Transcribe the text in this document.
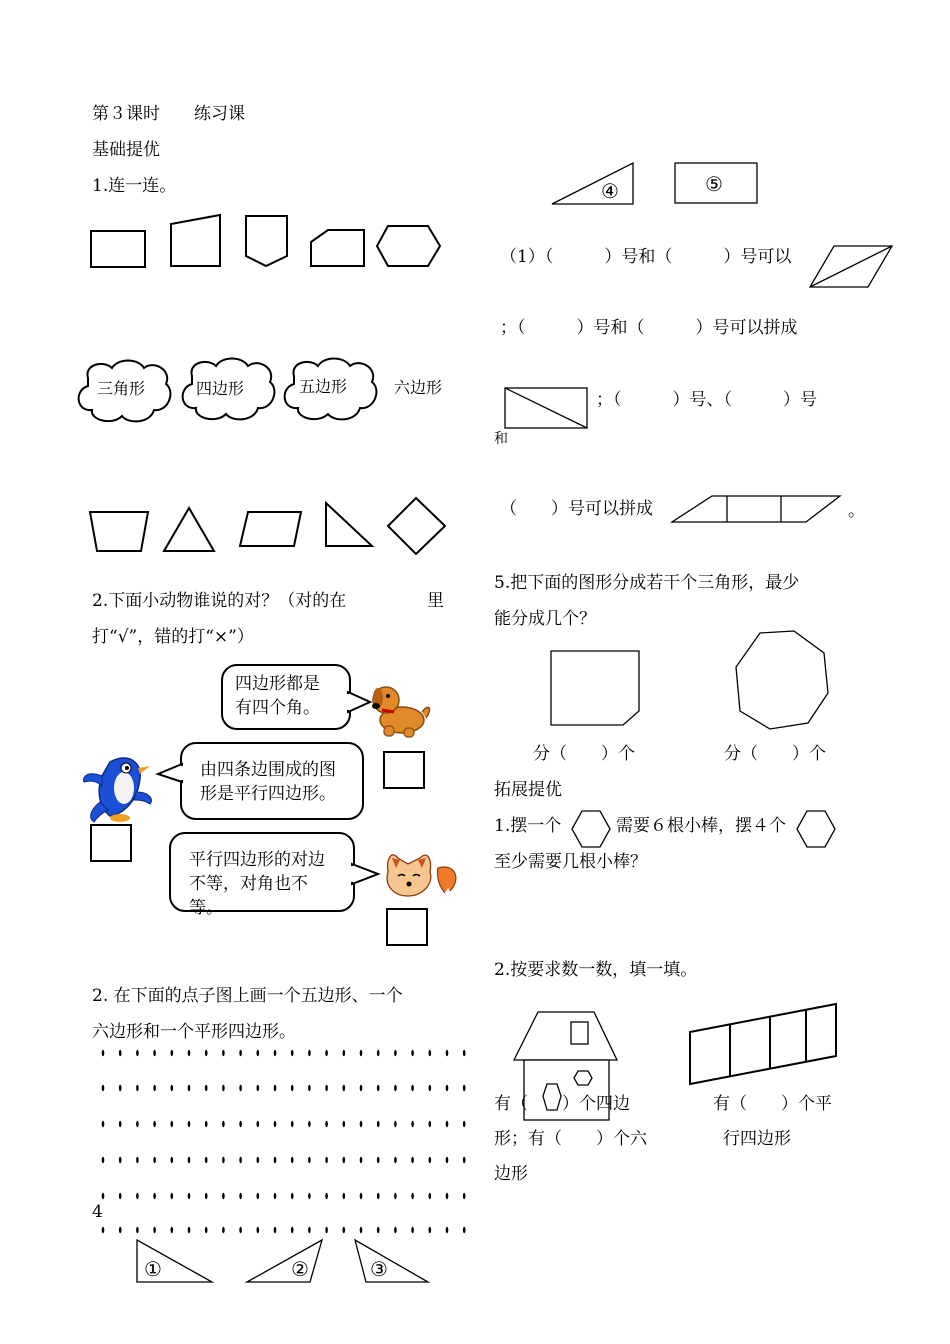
第３课时 练习课
基础提优
1.连一连。
三角形	四边形	五边形	六边形
2.下面小动物谁说的对？（对的在	里
打“√”，错的打“×”）
四边形都是
有四个角。
由四条边围成的图
形是平行四边形。
平行四边形的对边
不等，对角也不等。
2. 在下面的点子图上画一个五边形、一个
六边形和一个平形四边形。
4
①	②	③
④	⑤
（1）（　　　）号和（　　　）号可以
；（　　　）号和（　　　）号可以拼成
；（　　　）号、（　　　）号
和
（　　）号可以拼成	。
5.把下面的图形分成若干个三角形，最少
能分成几个？
分（　　）个	分（　　）个
拓展提优
1.摆一个	需要６根小棒，摆４个
至少需要几根小棒？
2.按要求数一数，填一填。
有（　　）个四边
形；有（　　）个六
边形
有（　　）个平
行四边形
